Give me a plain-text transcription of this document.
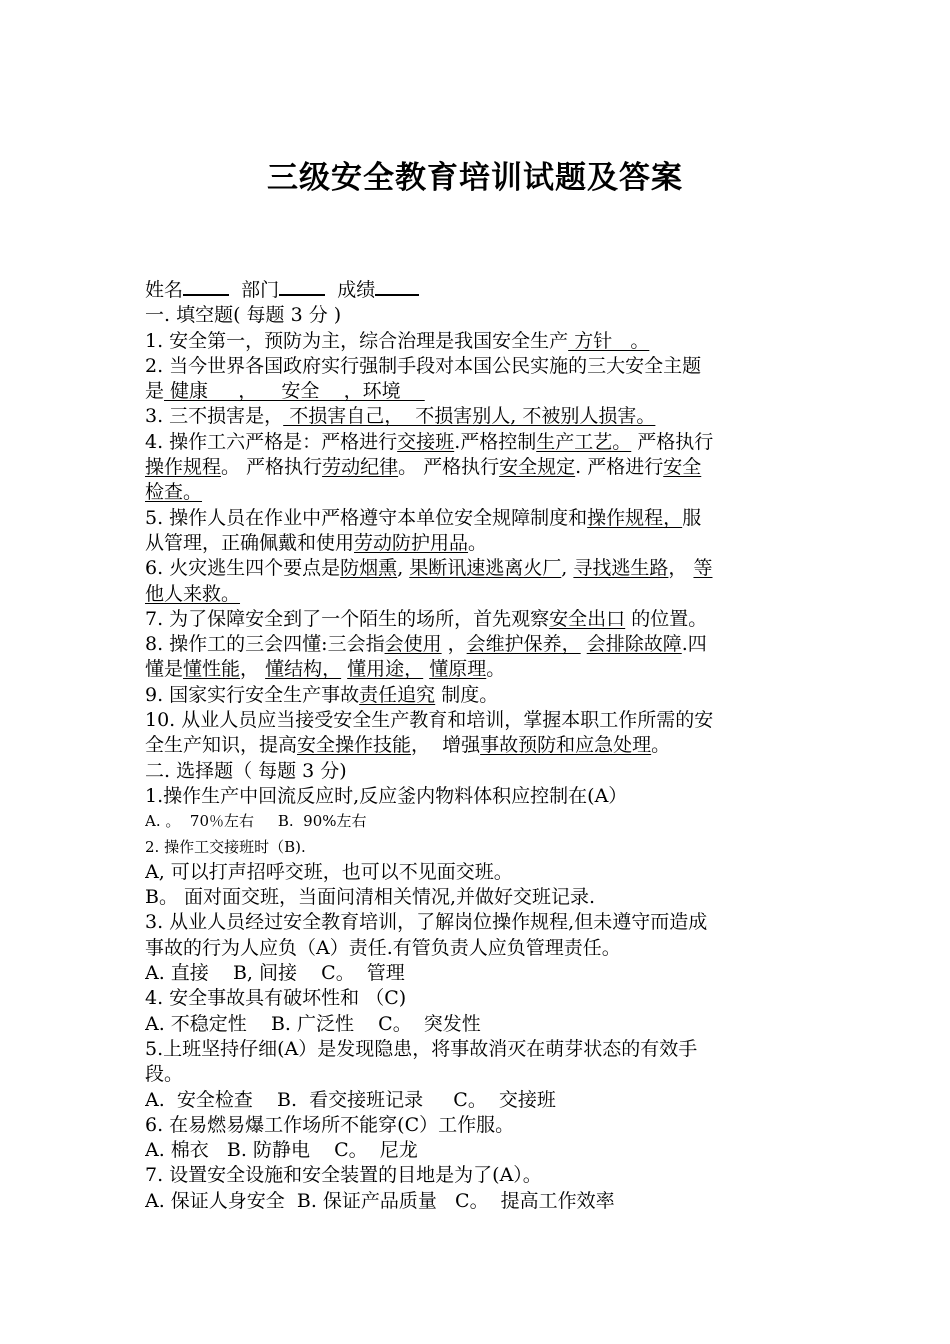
三级安全教育培训试题及答案
姓名	部门	成绩
一. 填空题( 每题 3 分 )
1. 安全第一，预防为主，综合治理是我国安全生产 方针   。
2. 当今世界各国政府实行强制手段对本国公民实施的三大安全主题
是 健康     ，    安全    ，环境
3. 三不损害是， 不损害自己，  不损害别人, 不被别人损害。
4. 操作工六严格是：严格进行交接班.严格控制生产工艺。 严格执行
操作规程。 严格执行劳动纪律。 严格执行安全规定. 严格进行安全
检查。
5. 操作人员在作业中严格遵守本单位安全规障制度和操作规程，服
从管理，正确佩戴和使用劳动防护用品。
6. 火灾逃生四个要点是防烟熏, 果断讯速逃离火厂, 寻找逃生路， 等
他人来救。
7. 为了保障安全到了一个陌生的场所，首先观察安全出口 的位置。
8. 操作工的三会四懂:三会指会使用 ，会维护保养， 会排除故障.四
懂是懂性能， 懂结构， 懂用途， 懂原理。
9. 国家实行安全生产事故责任追究 制度。
10. 从业人员应当接受安全生产教育和培训，掌握本职工作所需的安
全生产知识，提高安全操作技能，  增强事故预防和应急处理。
二. 选择题（ 每题 3 分)
1.操作生产中回流反应时,反应釜内物料体积应控制在(A）
A. 。  70％左右     B.  90%左右
2. 操作工交接班时（B).
A, 可以打声招呼交班，也可以不见面交班。
B。 面对面交班，当面问清相关情况,并做好交班记录.
3. 从业人员经过安全教育培训，了解岗位操作规程,但未遵守而造成
事故的行为人应负（A）责任.有管负责人应负管理责任。
A. 直接    B, 间接    C。  管理
4. 安全事故具有破坏性和 （C)
A. 不稳定性    B. 广泛性    C。  突发性
5.上班坚持仔细(A）是发现隐患，将事故消灭在萌芽状态的有效手
段。
A.  安全检查    B.  看交接班记录     C。  交接班
6. 在易燃易爆工作场所不能穿(C）工作服。
A. 棉衣   B. 防静电    C。  尼龙
7. 设置安全设施和安全装置的目地是为了(A）。
A. 保证人身安全  B. 保证产品质量   C。  提高工作效率
